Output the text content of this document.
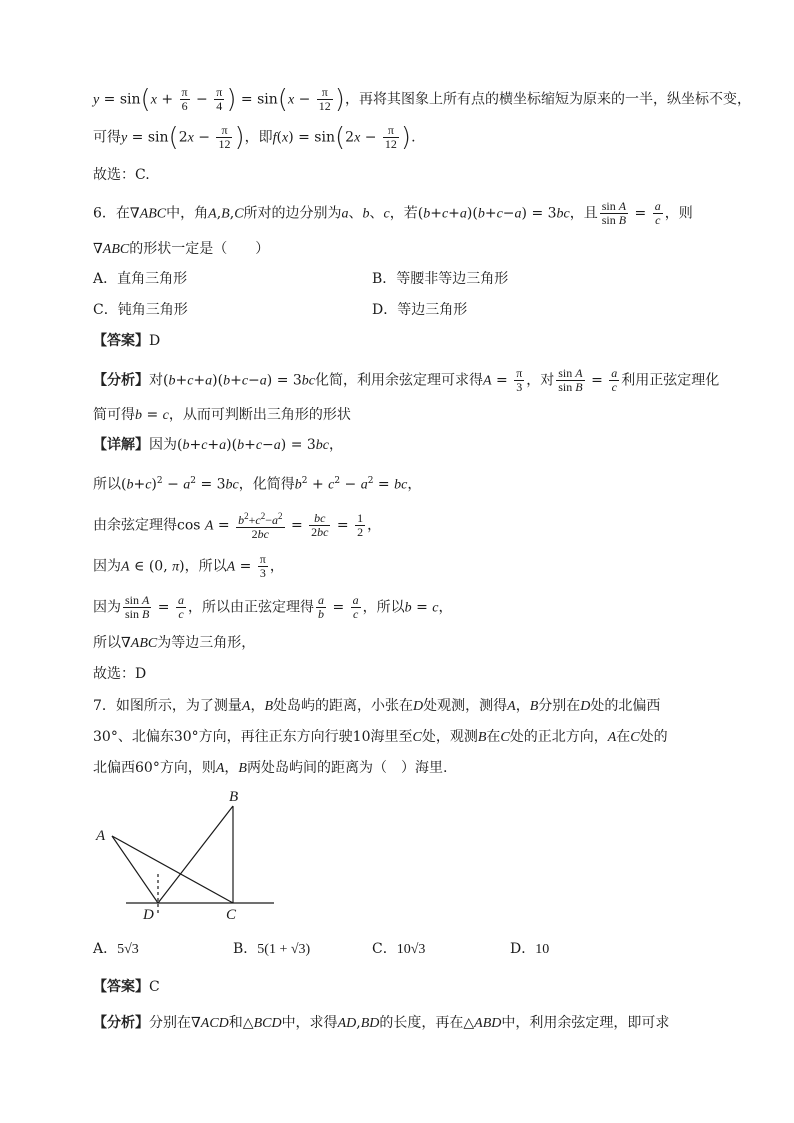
$y = \sin(x + \frac{\pi}{6} - \frac{\pi}{4}$ ) = $\sin(x - \frac{\pi}{12}$ )，再将其图象上所有点的横坐标缩短为原来的一半，纵坐标不变，
可得$y = \sin(2x - \frac{\pi}{12}$ )，即$f(x) = \sin(2x - \frac{\pi}{12}$ ).
故选：C.
6．在∇ABC中，角A,B,C所对的边分别为a、b、c，若(b+c+a)(b+c−a) = 3bc，且 $\frac{\text{sin A}}{\text{sin B}} = \frac{a}{c}$ ，则
∇ABC的形状一定是（　　）
A．直角三角形	B．等腰非等边三角形
C．钝角三角形	D．等边三角形
【答案】D
【分析】对(b+c+a)(b+c−a) = 3bc化简，利用余弦定理可求得$A = \frac{\pi}{3}$ ，对 $\frac{\text{sin A}}{\text{sin B}} = \frac{a}{c}$ 利用正弦定理化
简可得b = c，从而可判断出三角形的形状
【详解】因为(b+c+a)(b+c−a) = 3bc，
所以$(b+c)^2 - a^2 = 3bc$，化简得$b^2 + c^2 - a^2$ = bc，
由余弦定理得$\cos A = \frac{b^2+c^2-a^2}{2bc} = \frac{bc}{2bc} = \frac{1}{2}$ ，
因为A ∈ (0, π)，所以$A = \frac{\pi}{3}$ ，
因为 $\frac{\text{sin A}}{\text{sin B}} = \frac{a}{c}$ ，所以由正弦定理得 $\frac{a}{b} = \frac{a}{c}$ ，所以b = c，
所以∇ABC为等边三角形，
故选：D
7．如图所示，为了测量A，B处岛屿的距离，小张在D处观测，测得A，B分别在D处的北偏西
30°、北偏东30°方向，再往正东方向行驶10海里至C处，观测B在C处的正北方向，A在C处的
北偏西60°方向，则A，B两处岛屿间的距离为（　）海里.
A
B
C
D
A．5√3	B．5(1 + √3)	C．10√3	D．10
【答案】C
【分析】分别在∇ACD和△BCD中，求得AD,BD的长度，再在△ABD中，利用余弦定理，即可求
